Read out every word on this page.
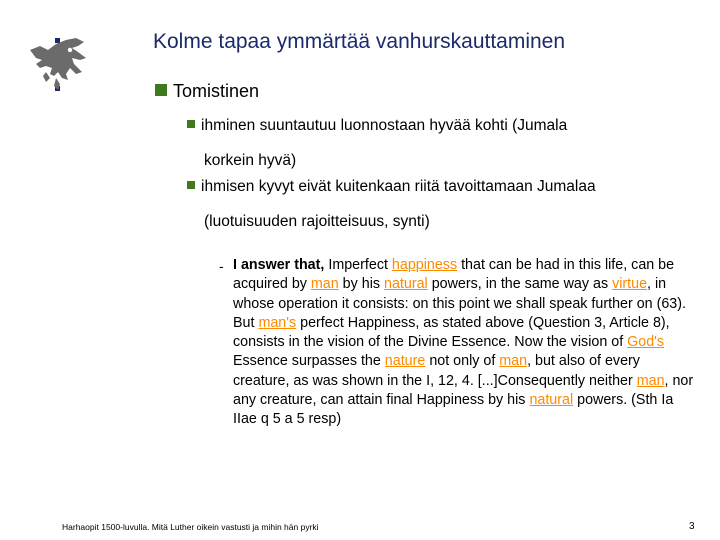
Kolme tapaa ymmärtää vanhurskauttaminen
Tomistinen
ihminen suuntautuu luonnostaan hyvää kohti (Jumala
korkein hyvä)
ihmisen kyvyt eivät kuitenkaan riitä tavoittamaan Jumalaa
(luotuisuuden rajoitteisuus, synti)
- I answer that, Imperfect happiness that can be had in this life, can be acquired by man by his natural powers, in the same way as virtue, in whose operation it consists: on this point we shall speak further on (63). But man's perfect Happiness, as stated above (Question 3, Article 8), consists in the vision of the Divine Essence. Now the vision of God's Essence surpasses the nature not only of man, but also of every creature, as was shown in the I, 12, 4. [...]Consequently neither man, nor any creature, can attain final Happiness by his natural powers. (Sth Ia IIae q 5 a 5 resp)
Harhaopit 1500-luvulla. Mitä Luther oikein vastusti ja mihin hän pyrki	3
